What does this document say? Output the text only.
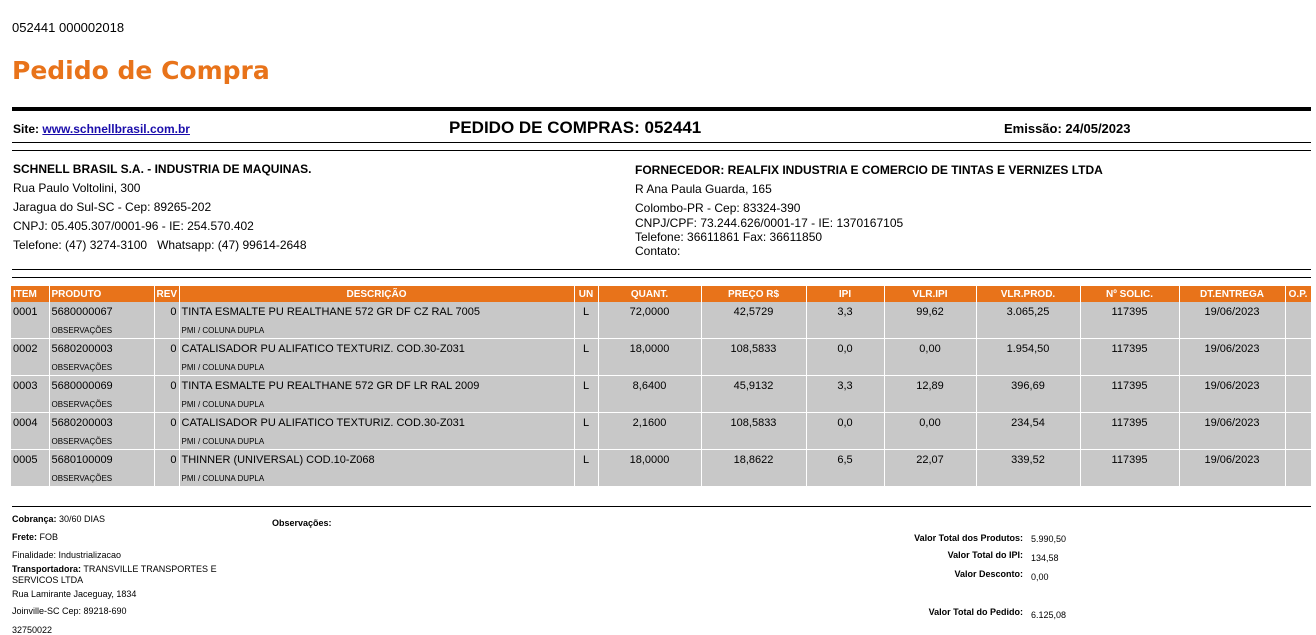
052441 000002018
Pedido de Compra
Site: www.schnellbrasil.com.br	PEDIDO DE COMPRAS: 052441	Emissão: 24/05/2023
SCHNELL BRASIL S.A. - INDUSTRIA DE MAQUINAS.
Rua Paulo Voltolini, 300
Jaragua do Sul-SC - Cep: 89265-202
CNPJ: 05.405.307/0001-96 - IE: 254.570.402
Telefone: (47) 3274-3100   Whatsapp: (47) 99614-2648
FORNECEDOR: REALFIX INDUSTRIA E COMERCIO DE TINTAS E VERNIZES LTDA
R Ana Paula Guarda, 165
Colombo-PR - Cep: 83324-390
CNPJ/CPF: 73.244.626/0001-17 - IE: 1370167105
Telefone: 36611861 Fax: 36611850
Contato:
ITEM	PRODUTO	REV	DESCRIÇÃO	UN	QUANT.	PREÇO R$	IPI	VLR.IPI	VLR.PROD.	Nº SOLIC.	DT.ENTREGA	O.P.
0001	5680000067	0	TINTA ESMALTE PU REALTHANE 572 GR DF CZ RAL 7005	L	72,0000	42,5729	3,3	99,62	3.065,25	117395	19/06/2023	
	OBSERVAÇÕES		PMI / COLUNA DUPLA									
0002	5680200003	0	CATALISADOR PU ALIFATICO TEXTURIZ. COD.30-Z031	L	18,0000	108,5833	0,0	0,00	1.954,50	117395	19/06/2023	
	OBSERVAÇÕES		PMI / COLUNA DUPLA									
0003	5680000069	0	TINTA ESMALTE PU REALTHANE 572 GR DF LR RAL 2009	L	8,6400	45,9132	3,3	12,89	396,69	117395	19/06/2023	
	OBSERVAÇÕES		PMI / COLUNA DUPLA									
0004	5680200003	0	CATALISADOR PU ALIFATICO TEXTURIZ. COD.30-Z031	L	2,1600	108,5833	0,0	0,00	234,54	117395	19/06/2023	
	OBSERVAÇÕES		PMI / COLUNA DUPLA									
0005	5680100009	0	THINNER (UNIVERSAL) COD.10-Z068	L	18,0000	18,8622	6,5	22,07	339,52	117395	19/06/2023	
	OBSERVAÇÕES		PMI / COLUNA DUPLA									
Cobrança: 30/60 DIAS
Frete: FOB
Finalidade: Industrializacao
Transportadora: TRANSVILLE TRANSPORTES E SERVICOS LTDA
Rua Lamirante Jaceguay, 1834
Joinville-SC Cep: 89218-690
32750022
Observações:
Valor Total dos Produtos: 5.990,50
Valor Total do IPI: 134,58
Valor Desconto: 0,00
Valor Total do Pedido: 6.125,08
